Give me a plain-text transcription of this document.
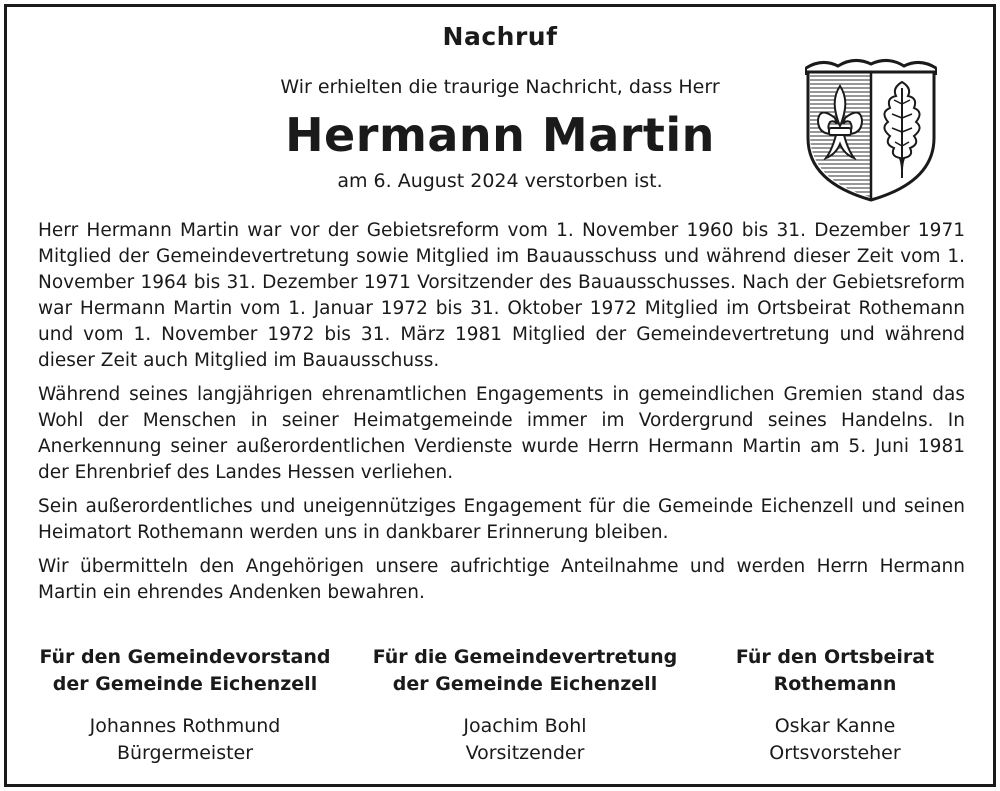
Nachruf
Wir erhielten die traurige Nachricht, dass Herr
Hermann Martin
am 6. August 2024 verstorben ist.

Herr Hermann Martin war vor der Gebietsreform vom 1. November 1960 bis 31. Dezember 1971 Mitglied der Gemeindevertretung sowie Mitglied im Bauausschuss und während dieser Zeit vom 1. November 1964 bis 31. Dezember 1971 Vorsitzender des Bauausschusses. Nach der Gebietsreform war Hermann Martin vom 1. Januar 1972 bis 31. Oktober 1972 Mitglied im Ortsbeirat Rothemann und vom 1. November 1972 bis 31. März 1981 Mitglied der Gemeindevertretung und während dieser Zeit auch Mitglied im Bauausschuss.

Während seines langjährigen ehrenamtlichen Engagements in gemeindlichen Gremien stand das Wohl der Menschen in seiner Heimatgemeinde immer im Vordergrund seines Handelns. In Anerkennung seiner außerordentlichen Verdienste wurde Herrn Hermann Martin am 5. Juni 1981 der Ehrenbrief des Landes Hessen verliehen.

Sein außerordentliches und uneigennütziges Engagement für die Gemeinde Eichenzell und seinen Heimatort Rothemann werden uns in dankbarer Erinnerung bleiben.

Wir übermitteln den Angehörigen unsere aufrichtige Anteilnahme und werden Herrn Hermann Martin ein ehrendes Andenken bewahren.

Für den Gemeindevorstand
der Gemeinde Eichenzell
Johannes Rothmund
Bürgermeister
Für die Gemeindevertretung
der Gemeinde Eichenzell
Joachim Bohl
Vorsitzender
Für den Ortsbeirat
Rothemann
Oskar Kanne
Ortsvorsteher
